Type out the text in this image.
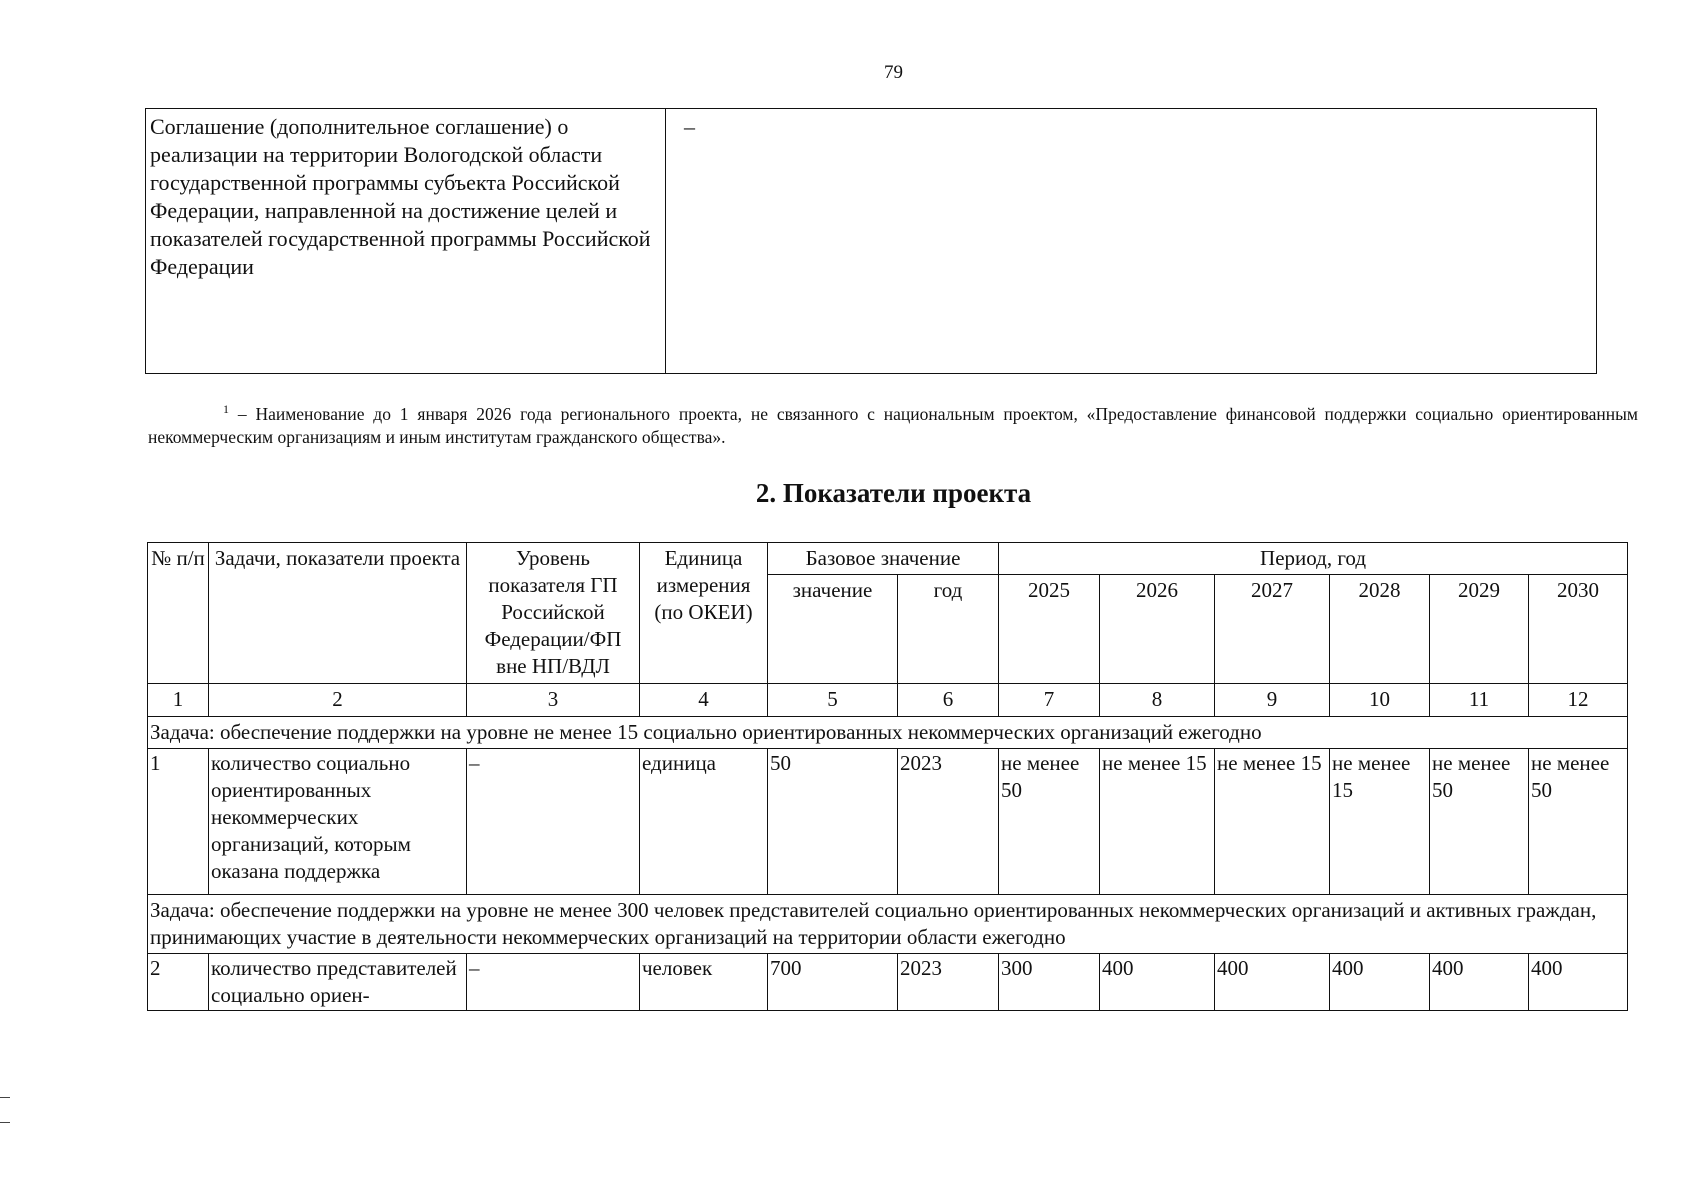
79
Соглашение (дополнительное соглашение) о реализации на территории Вологодской области государственной программы субъекта Российской Федерации, направленной на достижение целей и показателей государственной программы Российской Федерации	–
$^1$ – Наименование до 1 января 2026 года регионального проекта, не связанного с национальным проектом, «Предоставление финансовой поддержки социально ориентированным некоммерческим организациям и иным институтам гражданского общества».
2. Показатели проекта
№ п/п	Задачи, показатели проекта	Уровень показателя ГП Российской Федерации/ФП вне НП/ВДЛ	Единица измерения (по ОКЕИ)	Базовое значение		Период, год					
				значение	год	2025	2026	2027	2028	2029	2030
1	2	3	4	5	6	7	8	9	10	11	12
Задача: обеспечение поддержки на уровне не менее 15 социально ориентированных некоммерческих организаций ежегодно											
1	количество социально ориентированных некоммерческих организаций, которым оказана поддержка	–	единица	50	2023	не менее 50	не менее 15	не менее 15	не менее 15	не менее 50	не менее 50
Задача: обеспечение поддержки на уровне не менее 300 человек представителей социально ориентированных некоммерческих организаций и активных граждан, принимающих участие в деятельности некоммерческих организаций на территории области ежегодно											
2	количество представителей социально ориен-	–	человек	700	2023	300	400	400	400	400	400
